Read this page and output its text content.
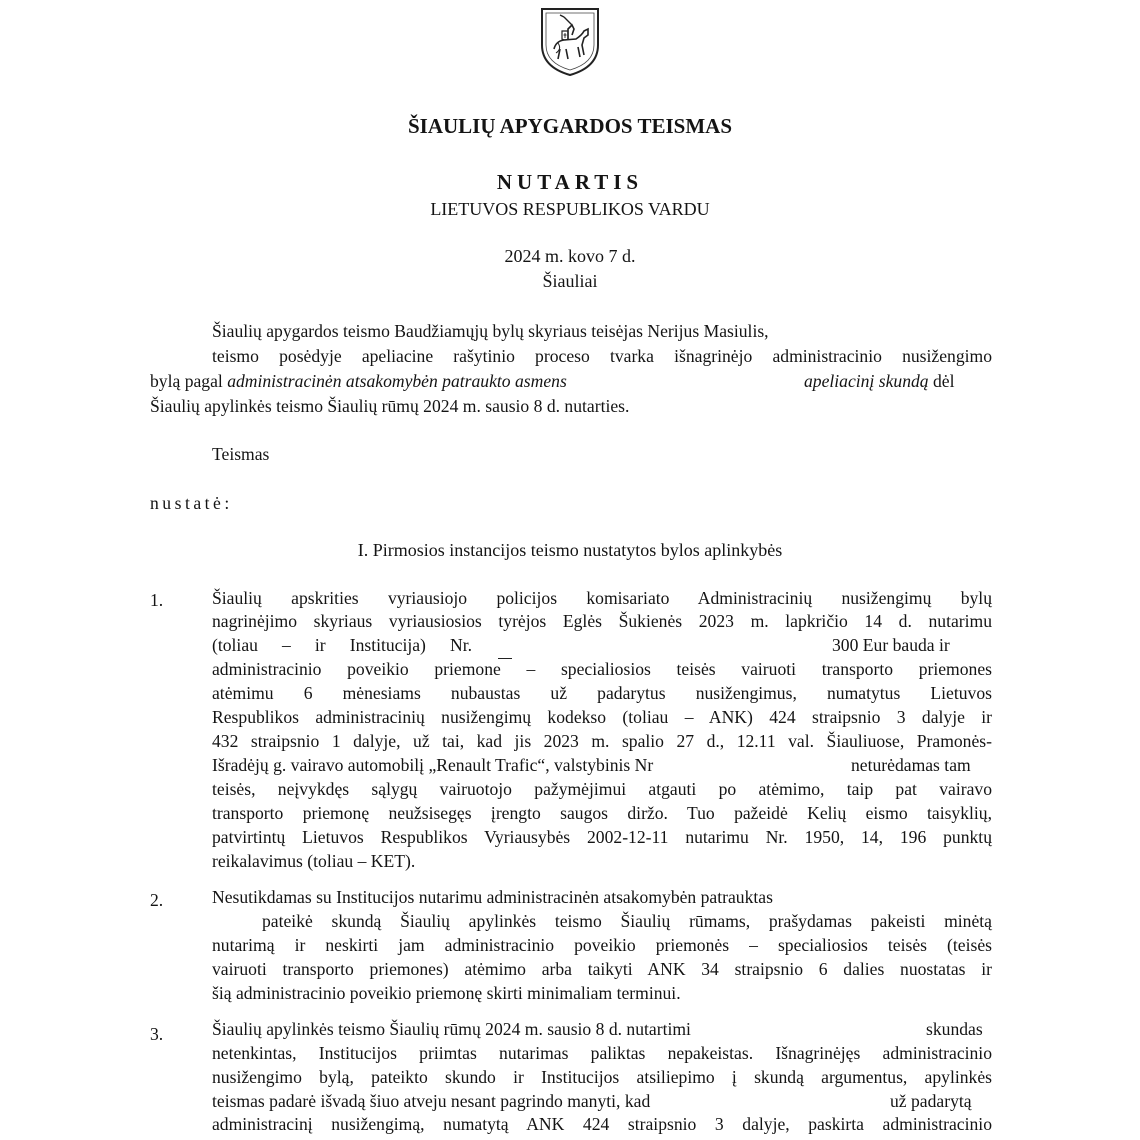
ŠIAULIŲ APYGARDOS TEISMAS
NUTARTIS
LIETUVOS RESPUBLIKOS VARDU
2024 m. kovo 7 d.
Šiauliai
Šiaulių apygardos teismo Baudžiamųjų bylų skyriaus teisėjas Nerijus Masiulis,
teismo posėdyje apeliacine rašytinio proceso tvarka išnagrinėjo administracinio nusižengimo
bylą pagal administracinėn atsakomybėn patraukto asmens	apeliacinį skundą dėl
Šiaulių apylinkės teismo Šiaulių rūmų 2024 m. sausio 8 d. nutarties.
Teismas
nustatė:
I. Pirmosios instancijos teismo nustatytos bylos aplinkybės
1.	Šiaulių apskrities vyriausiojo policijos komisariato Administracinių nusižengimų bylų
nagrinėjimo skyriaus vyriausiosios tyrėjos Eglės Šukienės 2023 m. lapkričio 14 d. nutarimu
(toliau – ir Institucija) Nr.	300 Eur bauda ir
administracinio poveikio priemone – specialiosios teisės vairuoti transporto priemones
atėmimu 6 mėnesiams nubaustas už padarytus nusižengimus, numatytus Lietuvos
Respublikos administracinių nusižengimų kodekso (toliau – ANK) 424 straipsnio 3 dalyje ir
432 straipsnio 1 dalyje, už tai, kad jis 2023 m. spalio 27 d., 12.11 val. Šiauliuose, Pramonės-
Išradėjų g. vairavo automobilį „Renault Trafic“, valstybinis Nr	neturėdamas tam
teisės, neįvykdęs sąlygų vairuotojo pažymėjimui atgauti po atėmimo, taip pat vairavo
transporto priemonę neužsisegęs įrengto saugos diržo. Tuo pažeidė Kelių eismo taisyklių,
patvirtintų Lietuvos Respublikos Vyriausybės 2002-12-11 nutarimu Nr. 1950, 14, 196 punktų
reikalavimus (toliau – KET).
2.	Nesutikdamas su Institucijos nutarimu administracinėn atsakomybėn patrauktas
pateikė skundą Šiaulių apylinkės teismo Šiaulių rūmams, prašydamas pakeisti minėtą
nutarimą ir neskirti jam administracinio poveikio priemonės – specialiosios teisės (teisės
vairuoti transporto priemones) atėmimo arba taikyti ANK 34 straipsnio 6 dalies nuostatas ir
šią administracinio poveikio priemonę skirti minimaliam terminui.
3.	Šiaulių apylinkės teismo Šiaulių rūmų 2024 m. sausio 8 d. nutartimi	skundas
netenkintas, Institucijos priimtas nutarimas paliktas nepakeistas. Išnagrinėjęs administracinio
nusižengimo bylą, pateikto skundo ir Institucijos atsiliepimo į skundą argumentus, apylinkės
teismas padarė išvadą šiuo atveju nesant pagrindo manyti, kad	už padarytą
administracinį nusižengimą, numatytą ANK 424 straipsnio 3 dalyje, paskirta administracinio
